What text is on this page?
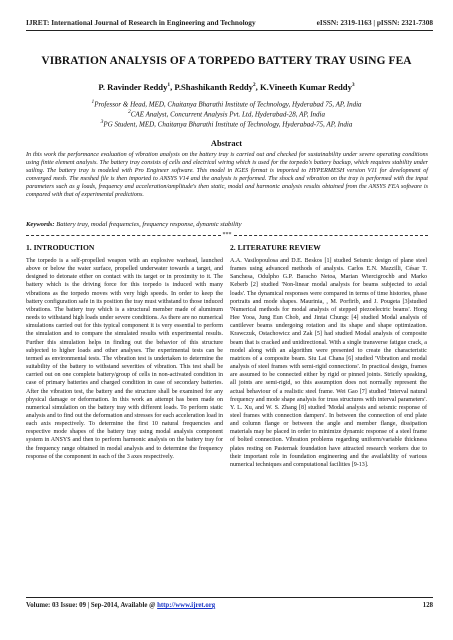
IJRET: International Journal of Research in Engineering and Technology	eISSN: 2319-1163 | pISSN: 2321-7308
VIBRATION ANALYSIS OF A TORPEDO BATTERY TRAY USING FEA
P. Ravinder Reddy$^1$, P.Shashikanth Reddy$^2$, K.Vineeth Kumar Reddy$^3$
$^1$Professor & Head, MED, Chaitanya Bharathi Institute of Technology, Hyderabad 75, AP, India
$^2$CAE Analyst, Concurrent Analysis Pvt. Ltd, Hyderabad-28, AP, India
$^3$PG Student, MED, Chaitanya Bharathi Institute of Technology, Hyderabad-75, AP, India
Abstract
In this work the performance evaluation of vibration analysis on the battery tray is carried out and checked for sustainability under severe operating conditions using finite element analysis. The battery tray consists of cells and electrical wiring which is used for the torpedo's battery backup, which requires stability under sailing. The battery tray is modeled with Pro Engineer software. This model in IGES format is imported to HYPERMESH version V11 for development of converged mesh. The meshed file is then imported to ANSYS V14 and the analysis is performed. The shock and vibration on the tray is performed with the input parameters such as g loads, frequency and acceleration/amplitude's then static, modal and harmonic analysis results obtained from the ANSYS FEA software is compared with that of experimental predictions.
Keywords: Battery tray, modal frequencies, frequency response, dynamic stability
***
1. INTRODUCTION
The torpedo is a self-propelled weapon with an explosive warhead, launched above or below the water surface, propelled underwater towards a target, and designed to detonate either on contact with its target or in proximity to it. The battery which is the driving force for this torpedo is induced with many vibrations as the torpedo moves with very high speeds. In order to keep the battery configuration safe in its position the tray must withstand to those induced vibrations. The battery tray which is a structural member made of aluminum needs to withstand high loads under severe conditions. As there are no numerical simulations carried out for this typical component it is very essential to perform the simulation and to compare the simulated results with experimental results. Further this simulation helps in finding out the behavior of this structure subjected to higher loads and other analyses. The experimental tests can be termed as environmental tests. The vibration test is undertaken to determine the suitability of the battery to withstand severities of vibration. This test shall be carried out on one complete battery/group of cells in non-activated condition in case of primary batteries and charged condition in case of secondary batteries. After the vibration test, the battery and the structure shall be examined for any physical damage or deformation. In this work an attempt has been made on numerical simulation on the battery tray with different loads. To perform static analysis and to find out the deformation and stresses for each acceleration load in each axis respectively. To determine the first 10 natural frequencies and respective mode shapes of the battery tray using modal analysis component system in ANSYS and then to perform harmonic analysis on the battery tray for the frequency range obtained in modal analysis and to determine the frequency response of the component in each of the 3 axes respectively.
2. LITERATURE REVIEW
A.A. Vasilopoulosa and D.E. Beskos [1] studied Seismic design of plane steel frames using advanced methods of analysis. Carlos E.N. Mazzilli, César T. Sanchesa, Odulpho G.P. Baracho Netoa, Marian Wiercigrochb and Marko Keberb [2] studied 'Non-linear modal analysis for beams subjected to axial loads'. The dynamical responses were compared in terms of time histories, phase portraits and mode shapes. Maurinia, , M. Porfirib, and J. Pougeta [3]studied 'Numerical methods for modal analysis of stepped piezoelectric beams'. Hong Hee Yooa, Jung Eun Chob, and Jintai Chungc [4] studied Modal analysis of cantilever beams undergoing rotation and its shape and shape optimization. Krawczuk, Ostachowicz and Zak [5] had studied Modal analysis of composite beam that is cracked and unidirectional. With a single transverse fatigue crack, a model along with an algorithm were presented to create the characteristic matrices of a composite beam. Siu Lai Chana [6] studied 'Vibration and modal analysis of steel frames with semi-rigid connections'. In practical design, frames are assumed to be connected either by rigid or pinned joints. Strictly speaking, all joints are semi-rigid, so this assumption does not normally represent the actual behaviour of a realistic steel frame. Wei Gao [7] studied 'Interval natural frequency and mode shape analysis for truss structures with interval parameters'. Y. L. Xu, and W. S. Zhang [8] studied 'Modal analysis and seismic response of steel frames with connection dampers'. In between the connection of end plate and column flange or between the angle and member flange, dissipation materials may be placed in order to minimize dynamic response of a steel frame of bolted connection. Vibration problems regarding uniform/variable thickness plates resting on Pasternak foundation have attracted research workers due to their important role in foundation engineering and the availability of various numerical techniques and computational facilities [9-13].
Volume: 03 Issue: 09 | Sep-2014, Available @ http://www.ijret.org	128
